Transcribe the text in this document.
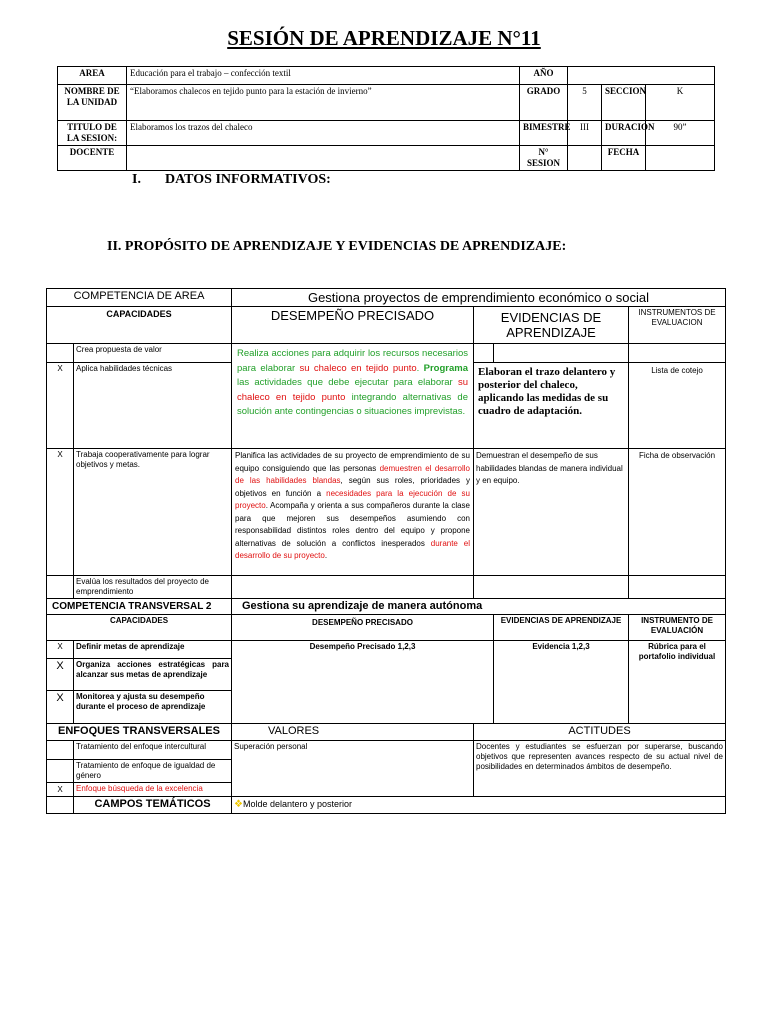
SESIÓN DE APRENDIZAJE N°11
AREA	Educación para el trabajo – confección textil	AÑO			
NOMBRE DE LA UNIDAD	“Elaboramos chalecos en tejido punto para la estación de invierno”	GRADO	5	SECCION	K
TITULO DE LA SESION:	Elaboramos los trazos del chaleco	BIMESTRE	III	DURACION	90”
DOCENTE		N° SESION		FECHA	
I. DATOS INFORMATIVOS:
II. PROPÓSITO DE APRENDIZAJE Y EVIDENCIAS DE APRENDIZAJE:
COMPETENCIA DE AREA		Gestiona proyectos de emprendimiento económico o social			
CAPACIDADES		DESEMPEÑO PRECISADO	EVIDENCIAS DE APRENDIZAJE		INSTRUMENTOS DE EVALUACION
	Crea propuesta de valor	Realiza acciones para adquirir los recursos necesarios para elaborar su chaleco en tejido punto. Programa las actividades que debe ejecutar para elaborar su chaleco en tejido punto integrando alternativas de solución ante contingencias o situaciones imprevistas.			
X	Aplica habilidades técnicas		Elaboran el trazo delantero y posterior del chaleco, aplicando las medidas de su cuadro de adaptación.		Lista de cotejo
X	Trabaja cooperativamente para lograr objetivos y metas.	Planifica las actividades de su proyecto de emprendimiento de su equipo consiguiendo que las personas demuestren el desarrollo de las habilidades blandas, según sus roles, prioridades y objetivos en función a necesidades para la ejecución de su proyecto. Acompaña y orienta a sus compañeros durante la clase para que mejoren sus desempeños asumiendo con responsabilidad distintos roles dentro del equipo y propone alternativas de solución a conflictos inesperados durante el desarrollo de su proyecto.	Demuestran el desempeño de sus habilidades blandas de manera individual y en equipo.		Ficha de observación
	Evalúa los resultados del proyecto de emprendimiento				
COMPETENCIA TRANSVERSAL 2		Gestiona su aprendizaje de manera autónoma			
CAPACIDADES		DESEMPEÑO PRECISADO		EVIDENCIAS DE APRENDIZAJE	INSTRUMENTO DE EVALUACIÓN
X	Definir metas de aprendizaje	Desempeño Precisado 1,2,3		Evidencia 1,2,3	Rúbrica para el portafolio individual
X	Organiza acciones estratégicas para alcanzar sus metas de aprendizaje				
X	Monitorea y ajusta su desempeño durante el proceso de aprendizaje				
ENFOQUES TRANSVERSALES		VALORES	ACTITUDES		
	Tratamiento del enfoque intercultural	Superación personal	Docentes y estudiantes se esfuerzan por superarse, buscando objetivos que representen avances respecto de su actual nivel de posibilidades en determinados ámbitos de desempeño.		
	Tratamiento de enfoque de igualdad de género				
X	Enfoque búsqueda de la excelencia				
	CAMPOS TEMÁTICOS	❖Molde delantero y posterior			
